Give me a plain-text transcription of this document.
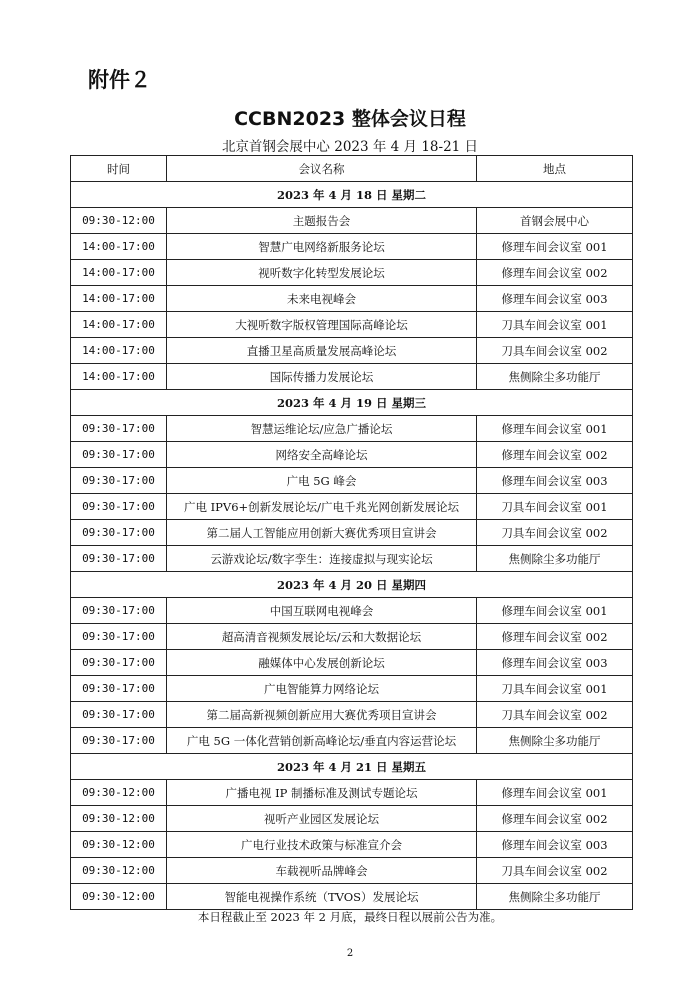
附件２
CCBN2023 整体会议日程
北京首钢会展中心 2023 年 4 月 18-21 日
时间	会议名称	地点
2023 年 4 月 18 日 星期二		
09:30-12:00	主题报告会	首钢会展中心
14:00-17:00	智慧广电网络新服务论坛	修理车间会议室 001
14:00-17:00	视听数字化转型发展论坛	修理车间会议室 002
14:00-17:00	未来电视峰会	修理车间会议室 003
14:00-17:00	大视听数字版权管理国际高峰论坛	刀具车间会议室 001
14:00-17:00	直播卫星高质量发展高峰论坛	刀具车间会议室 002
14:00-17:00	国际传播力发展论坛	焦侧除尘多功能厅
2023 年 4 月 19 日 星期三		
09:30-17:00	智慧运维论坛/应急广播论坛	修理车间会议室 001
09:30-17:00	网络安全高峰论坛	修理车间会议室 002
09:30-17:00	广电 5G 峰会	修理车间会议室 003
09:30-17:00	广电 IPV6+创新发展论坛/广电千兆光网创新发展论坛	刀具车间会议室 001
09:30-17:00	第二届人工智能应用创新大赛优秀项目宣讲会	刀具车间会议室 002
09:30-17:00	云游戏论坛/数字孪生：连接虚拟与现实论坛	焦侧除尘多功能厅
2023 年 4 月 20 日 星期四		
09:30-17:00	中国互联网电视峰会	修理车间会议室 001
09:30-17:00	超高清音视频发展论坛/云和大数据论坛	修理车间会议室 002
09:30-17:00	融媒体中心发展创新论坛	修理车间会议室 003
09:30-17:00	广电智能算力网络论坛	刀具车间会议室 001
09:30-17:00	第二届高新视频创新应用大赛优秀项目宣讲会	刀具车间会议室 002
09:30-17:00	广电 5G 一体化营销创新高峰论坛/垂直内容运营论坛	焦侧除尘多功能厅
2023 年 4 月 21 日 星期五		
09:30-12:00	广播电视 IP 制播标准及测试专题论坛	修理车间会议室 001
09:30-12:00	视听产业园区发展论坛	修理车间会议室 002
09:30-12:00	广电行业技术政策与标准宣介会	修理车间会议室 003
09:30-12:00	车载视听品牌峰会	刀具车间会议室 002
09:30-12:00	智能电视操作系统（TVOS）发展论坛	焦侧除尘多功能厅
本日程截止至 2023 年 2 月底，最终日程以展前公告为准。
2
